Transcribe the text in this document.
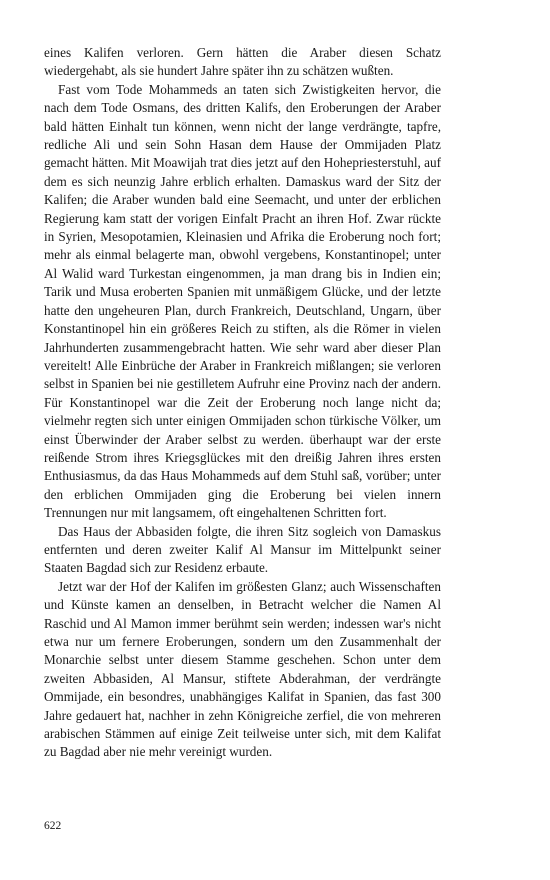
eines Kalifen verloren. Gern hätten die Araber diesen Schatz wiedergehabt, als sie hundert Jahre später ihn zu schätzen wußten.

Fast vom Tode Mohammeds an taten sich Zwistigkeiten hervor, die nach dem Tode Osmans, des dritten Kalifs, den Eroberungen der Araber bald hätten Einhalt tun können, wenn nicht der lange verdrängte, tapfre, redliche Ali und sein Sohn Hasan dem Hause der Ommijaden Platz gemacht hätten. Mit Moawijah trat dies jetzt auf den Hohepriesterstuhl, auf dem es sich neunzig Jahre erblich erhalten. Damaskus ward der Sitz der Kalifen; die Araber wunden bald eine Seemacht, und unter der erblichen Regierung kam statt der vorigen Einfalt Pracht an ihren Hof. Zwar rückte in Syrien, Mesopotamien, Kleinasien und Afrika die Eroberung noch fort; mehr als einmal belagerte man, obwohl vergebens, Konstantinopel; unter Al Walid ward Turkestan eingenommen, ja man drang bis in Indien ein; Tarik und Musa eroberten Spanien mit unmäßigem Glücke, und der letzte hatte den ungeheuren Plan, durch Frankreich, Deutschland, Ungarn, über Konstantinopel hin ein größeres Reich zu stiften, als die Römer in vielen Jahrhunderten zusammengebracht hatten. Wie sehr ward aber dieser Plan vereitelt! Alle Einbrüche der Araber in Frankreich mißlangen; sie verloren selbst in Spanien bei nie gestilletem Aufruhr eine Provinz nach der andern. Für Konstantinopel war die Zeit der Eroberung noch lange nicht da; vielmehr regten sich unter einigen Ommijaden schon türkische Völker, um einst Überwinder der Araber selbst zu werden. überhaupt war der erste reißende Strom ihres Kriegsglückes mit den dreißig Jahren ihres ersten Enthusiasmus, da das Haus Mohammeds auf dem Stuhl saß, vorüber; unter den erblichen Ommijaden ging die Eroberung bei vielen innern Trennungen nur mit langsamem, oft eingehaltenen Schritten fort.

Das Haus der Abbasiden folgte, die ihren Sitz sogleich von Damaskus entfernten und deren zweiter Kalif Al Mansur im Mittelpunkt seiner Staaten Bagdad sich zur Residenz erbaute.

Jetzt war der Hof der Kalifen im größesten Glanz; auch Wissenschaften und Künste kamen an denselben, in Betracht welcher die Namen Al Raschid und Al Mamon immer berühmt sein werden; indessen war's nicht etwa nur um fernere Eroberungen, sondern um den Zusammenhalt der Monarchie selbst unter diesem Stamme geschehen. Schon unter dem zweiten Abbasiden, Al Mansur, stiftete Abderahman, der verdrängte Ommijade, ein besondres, unabhängiges Kalifat in Spanien, das fast 300 Jahre gedauert hat, nachher in zehn Königreiche zerfiel, die von mehreren arabischen Stämmen auf einige Zeit teilweise unter sich, mit dem Kalifat zu Bagdad aber nie mehr vereinigt wurden.

622
